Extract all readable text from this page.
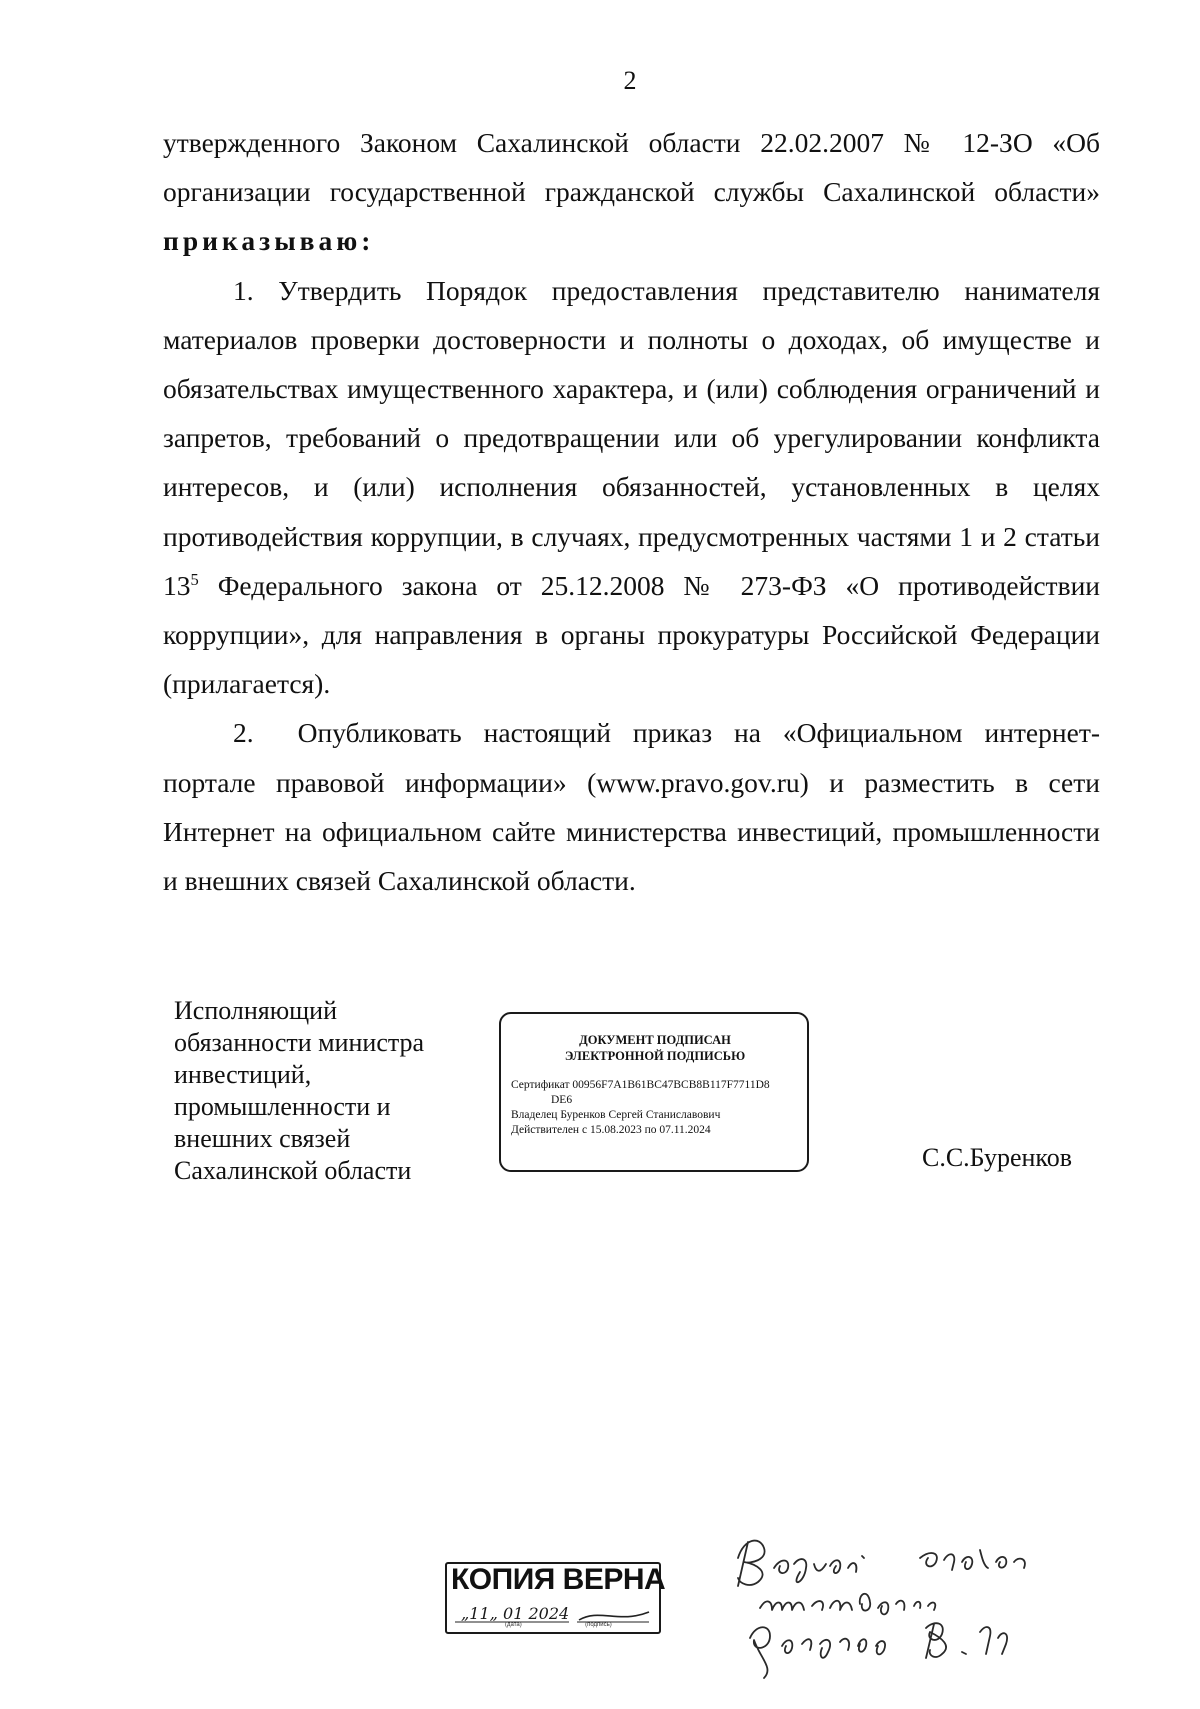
2

утвержденного Законом Сахалинской области 22.02.2007 № 12-ЗО «Об организации государственной гражданской службы Сахалинской области» приказываю:

1. Утвердить Порядок предоставления представителю нанимателя материалов проверки достоверности и полноты о доходах, об имуществе и обязательствах имущественного характера, и (или) соблюдения ограничений и запретов, требований о предотвращении или об урегулировании конфликта интересов, и (или) исполнения обязанностей, установленных в целях противодействия коррупции, в случаях, предусмотренных частями 1 и 2 статьи $13^5$ Федерального закона от 25.12.2008 № 273-ФЗ «О противодействии коррупции», для направления в органы прокуратуры Российской Федерации (прилагается).

2. Опубликовать настоящий приказ на «Официальном интернет-портале правовой информации» (www.pravo.gov.ru) и разместить в сети Интернет на официальном сайте министерства инвестиций, промышленности и внешних связей Сахалинской области.

Исполняющий
обязанности министра
инвестиций,
промышленности и
внешних связей
Сахалинской области
ДОКУМЕНТ ПОДПИСАН
ЭЛЕКТРОННОЙ ПОДПИСЬЮ
Сертификат 00956F7A1B61BC47BCB8B117F7711D8
DE6
Владелец Буренков Сергей Станиславович
Действителен с 15.08.2023 по 07.11.2024
С.С.Буренков
КОПИЯ ВЕРНА
„11„ 01 2024
(дата)	(подпись)
